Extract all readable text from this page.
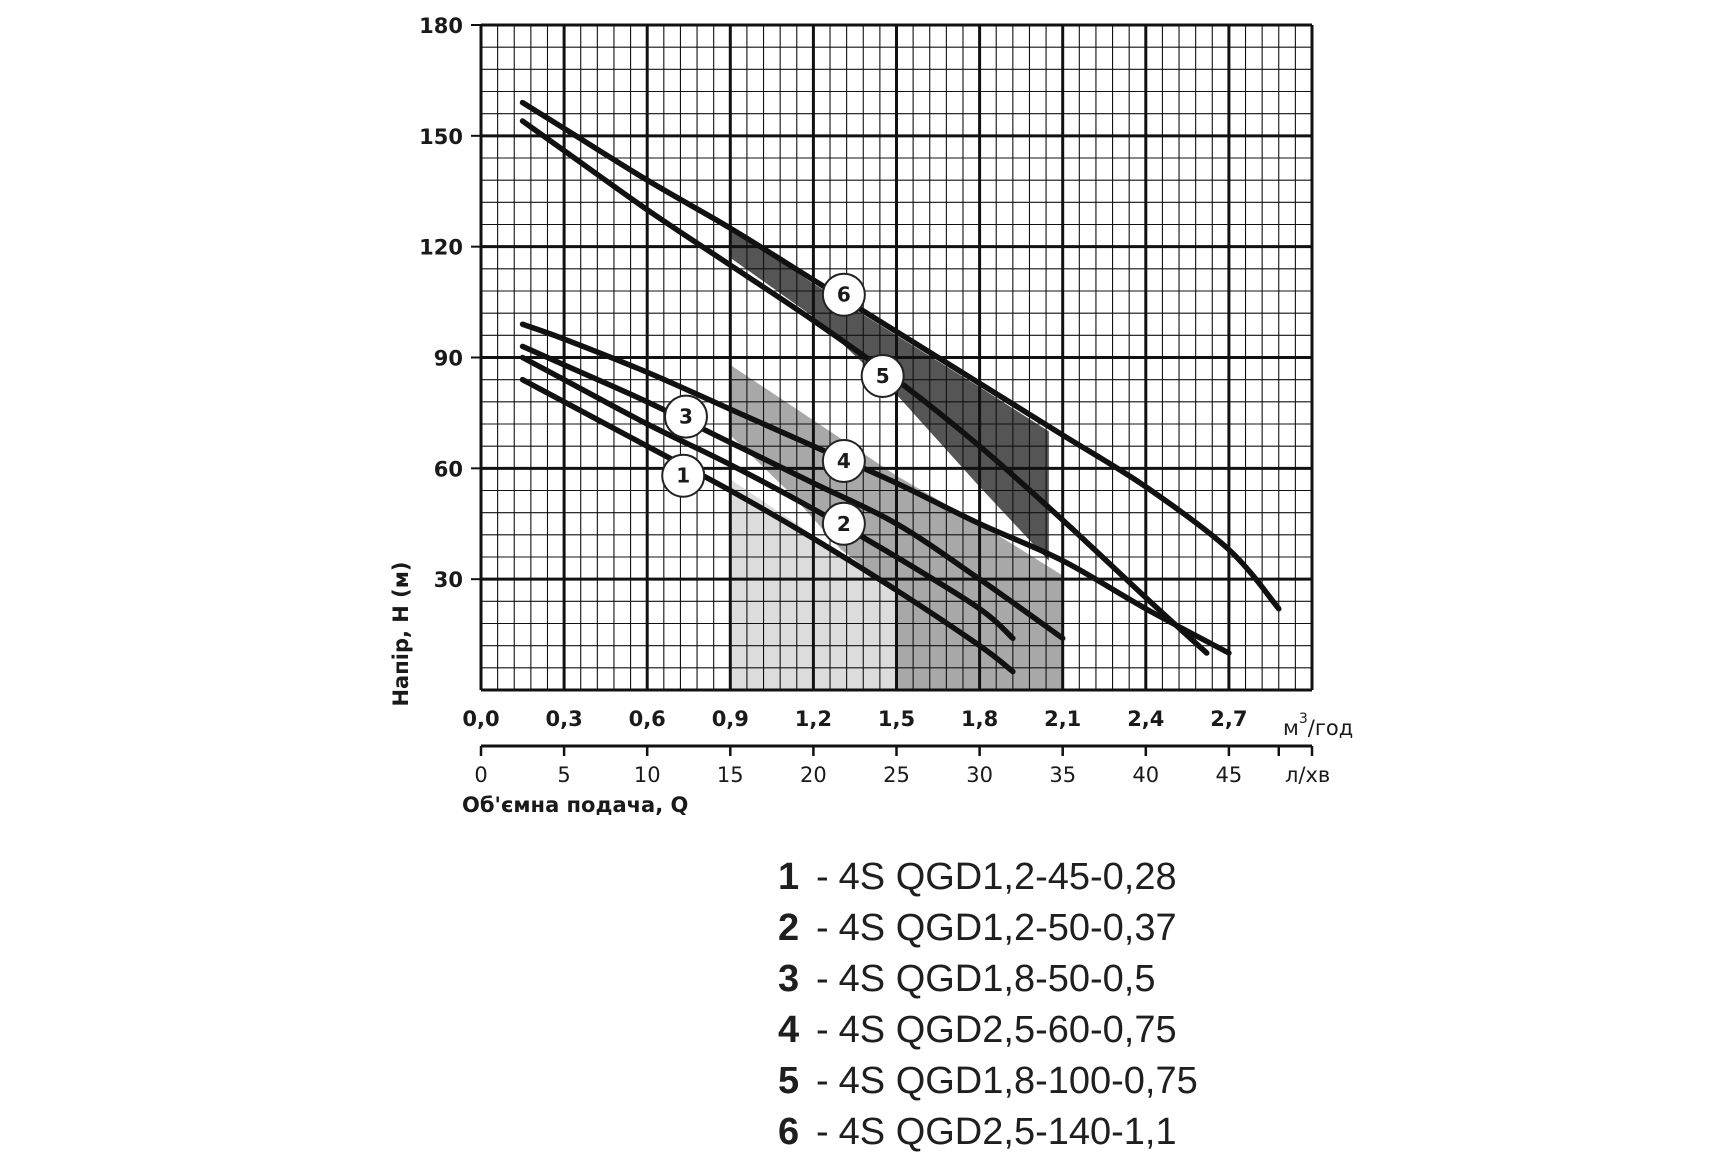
1
2
3
4
5
6
Напір, H (м)
$м^3$/год
л/хв
Об'ємна подача, Q
30
60
90
120
150
180
0,0 0,3 0,6 0,9 1,2 1,5 1,8 2,1 2,4 2,7
0	5	10	15	20	25	30	35	40	45
1 - 4S QGD1,2-45-0,28
2 - 4S QGD1,2-50-0,37
3 - 4S QGD1,8-50-0,5
4 - 4S QGD2,5-60-0,75
5 - 4S QGD1,8-100-0,75
6 - 4S QGD2,5-140-1,1
